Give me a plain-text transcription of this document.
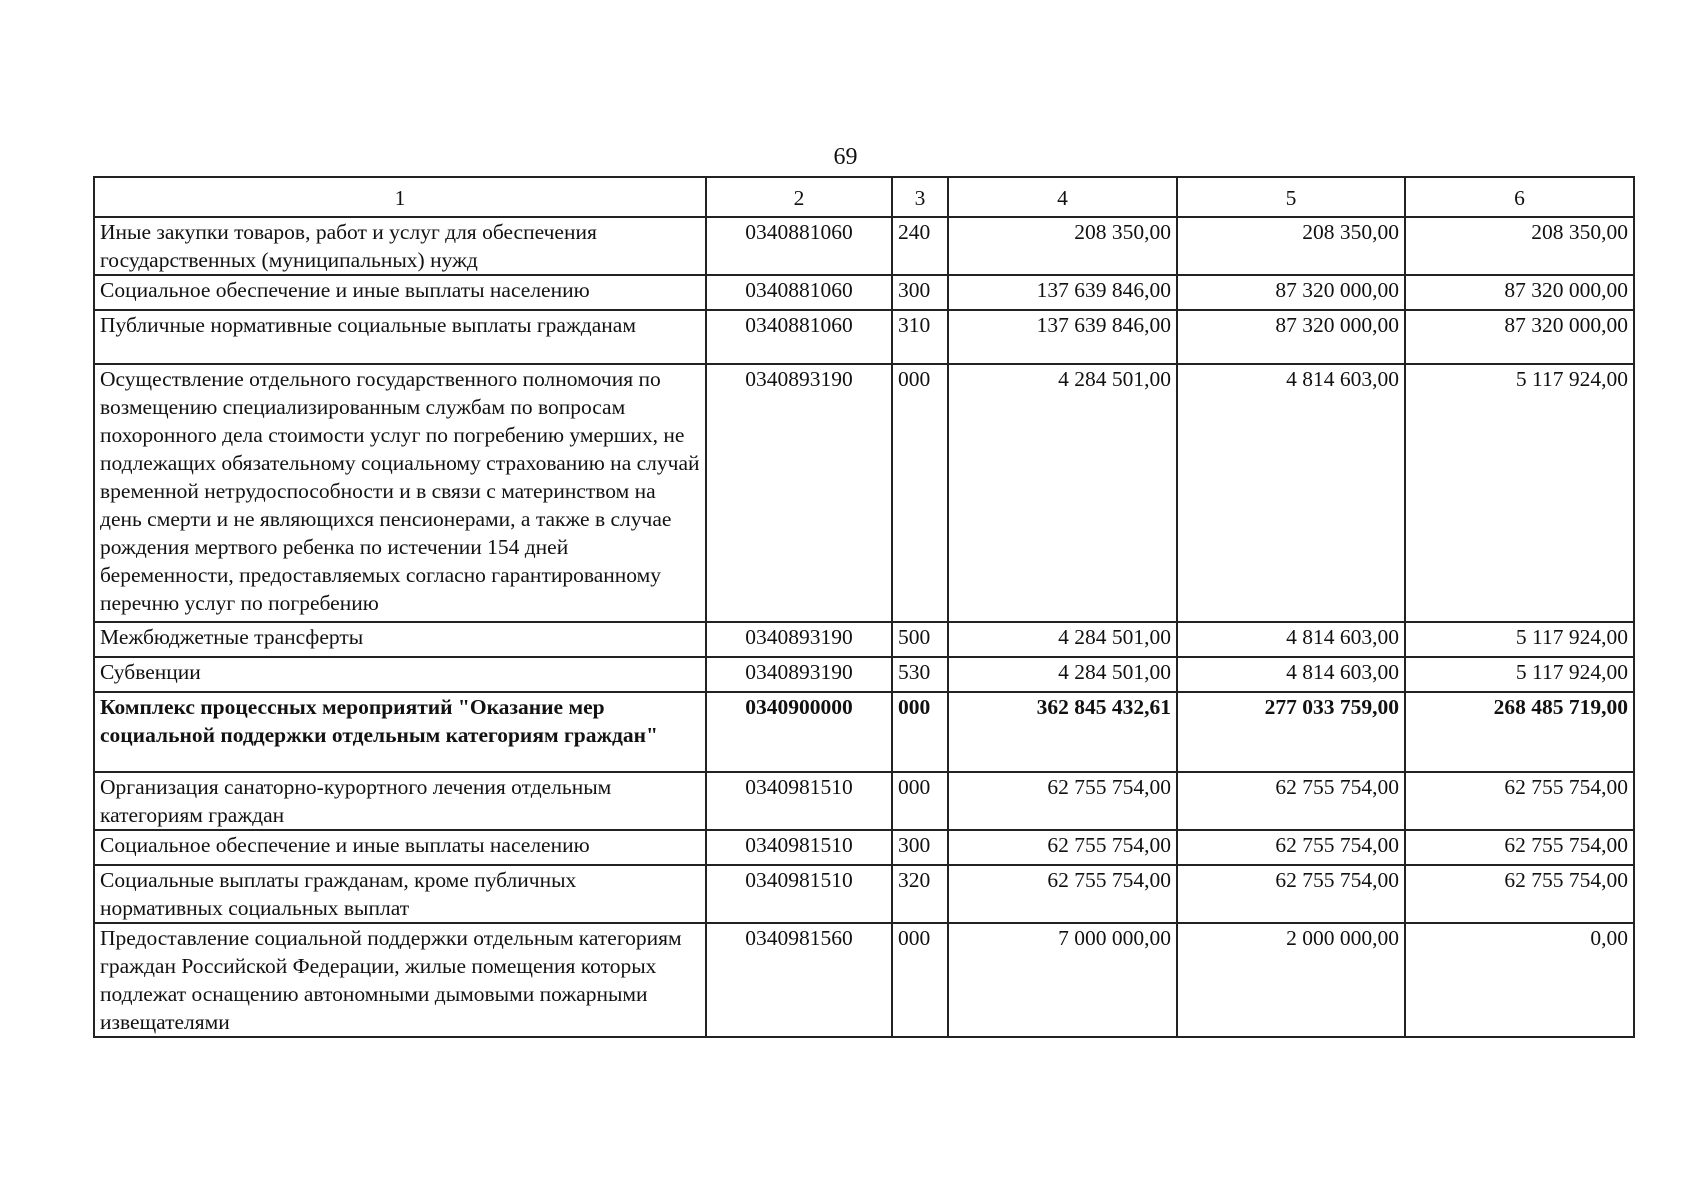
69
1	2	3	4	5	6
Иные закупки товаров, работ и услуг для обеспечения государственных (муниципальных) нужд	0340881060	240	208 350,00	208 350,00	208 350,00
Социальное обеспечение и иные выплаты населению	0340881060	300	137 639 846,00	87 320 000,00	87 320 000,00
Публичные нормативные социальные выплаты гражданам	0340881060	310	137 639 846,00	87 320 000,00	87 320 000,00
Осуществление отдельного государственного полномочия по возмещению специализированным службам по вопросам похоронного дела стоимости услуг по погребению умерших, не подлежащих обязательному социальному страхованию на случай временной нетрудоспособности и в связи с материнством на день смерти и не являющихся пенсионерами, а также в случае рождения мертвого ребенка по истечении 154 дней беременности, предоставляемых согласно гарантированному перечню услуг по погребению	0340893190	000	4 284 501,00	4 814 603,00	5 117 924,00
Межбюджетные трансферты	0340893190	500	4 284 501,00	4 814 603,00	5 117 924,00
Субвенции	0340893190	530	4 284 501,00	4 814 603,00	5 117 924,00
Комплекс процессных мероприятий "Оказание мер социальной поддержки отдельным категориям граждан"	0340900000	000	362 845 432,61	277 033 759,00	268 485 719,00
Организация санаторно-курортного лечения отдельным категориям граждан	0340981510	000	62 755 754,00	62 755 754,00	62 755 754,00
Социальное обеспечение и иные выплаты населению	0340981510	300	62 755 754,00	62 755 754,00	62 755 754,00
Социальные выплаты гражданам, кроме публичных нормативных социальных выплат	0340981510	320	62 755 754,00	62 755 754,00	62 755 754,00
Предоставление социальной поддержки отдельным категориям граждан Российской Федерации, жилые помещения которых подлежат оснащению автономными дымовыми пожарными извещателями	0340981560	000	7 000 000,00	2 000 000,00	0,00
